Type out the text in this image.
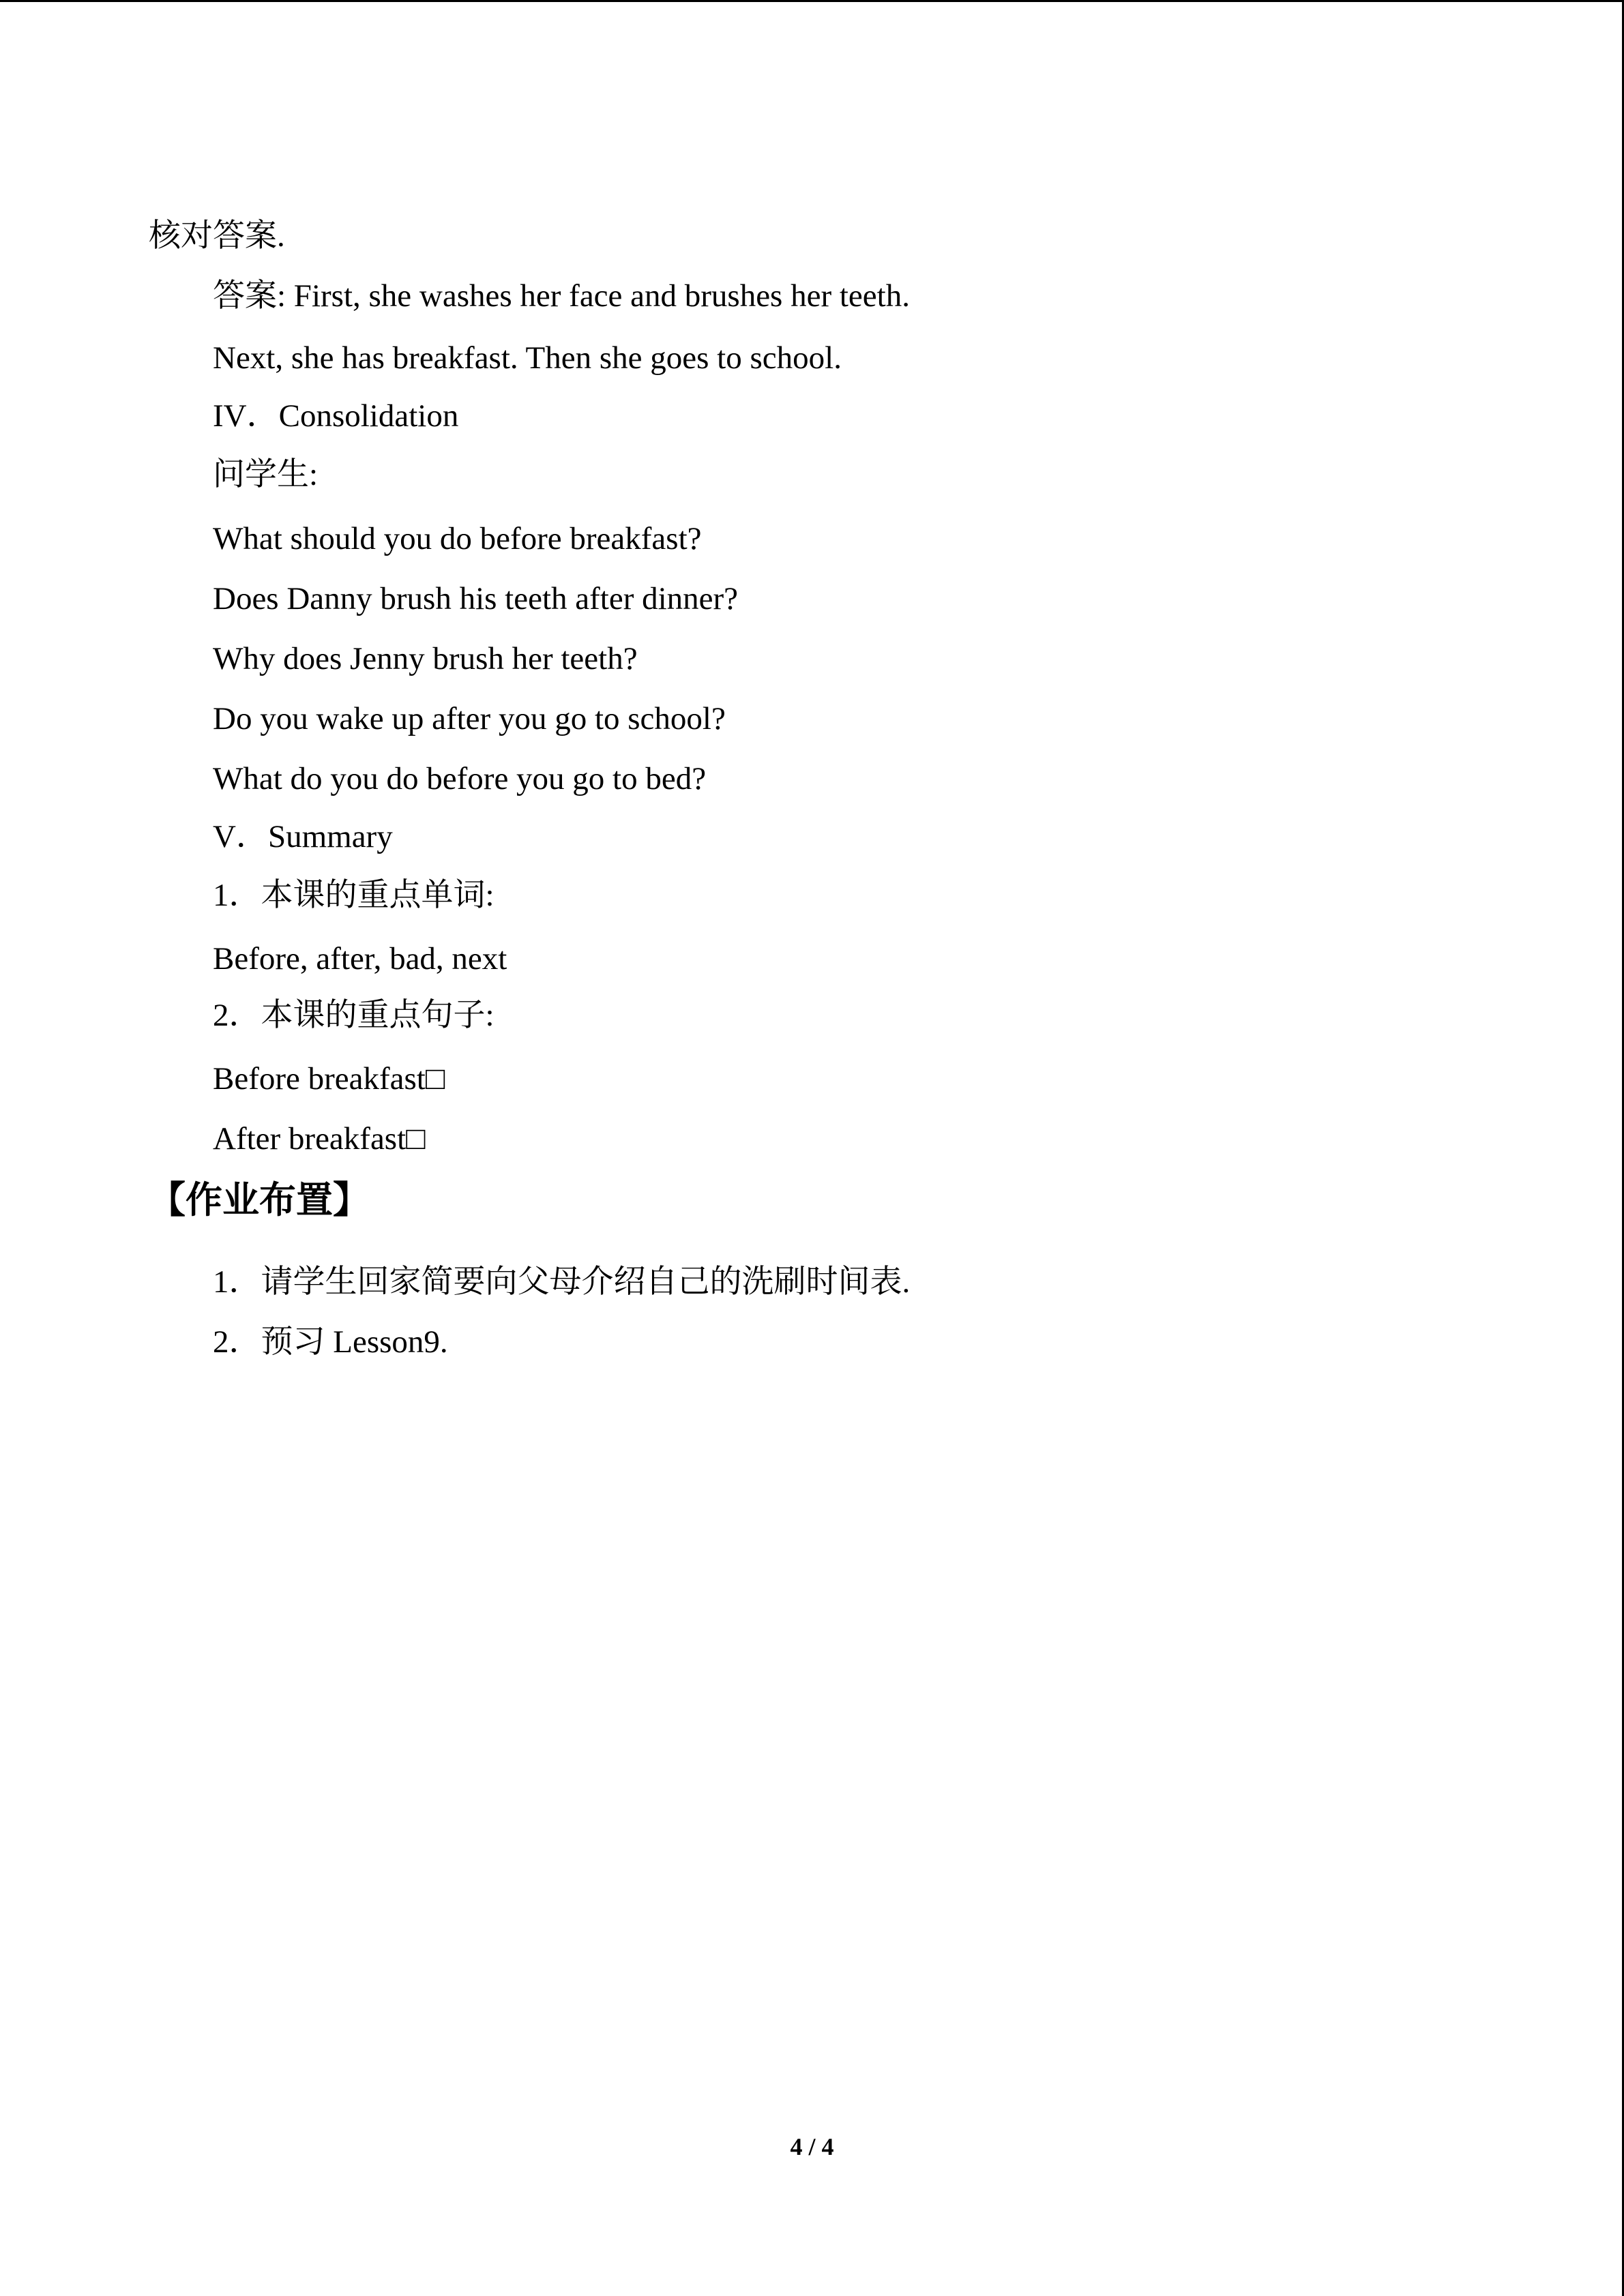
核对答案.
答案: First, she washes her face and brushes her teeth.
Next, she has breakfast. Then she goes to school.
IV．Consolidation
问学生:
What should you do before breakfast?
Does Danny brush his teeth after dinner?
Why does Jenny brush her teeth?
Do you wake up after you go to school?
What do you do before you go to bed?
V．Summary
1．本课的重点单词:
Before, after, bad, next
2．本课的重点句子:
Before breakfast□
After breakfast□
【作业布置】
1．请学生回家简要向父母介绍自己的洗刷时间表.
2．预习 Lesson9.
4 / 4
